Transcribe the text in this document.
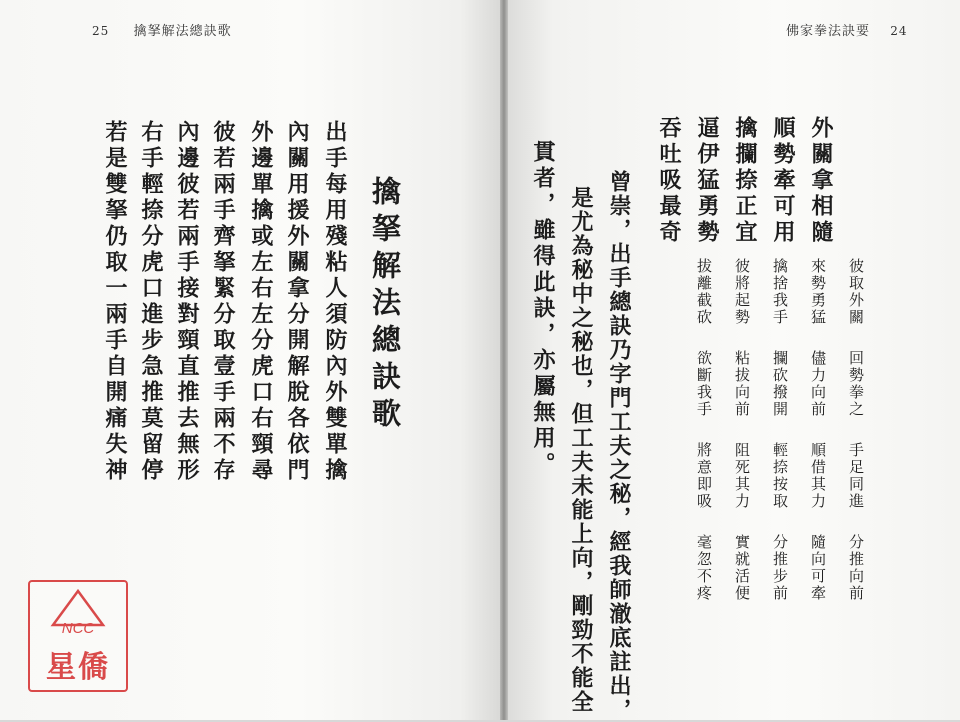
25 擒拏解法總訣歌
擒拏解法總訣歌
出手每用殘粘人
須防內外雙單擒
內關用援外關拿
分開解脫各依門
外邊單擒或左右
左分虎口右頸尋
彼若兩手齊拏緊
分取壹手兩不存
內邊彼若兩手接
對頸直推去無形
右手輕捺分虎口
進步急推莫留停
若是雙拏仍取一
兩手自開痛失神
NCC
星僑
佛家拳法訣要 24
外關拿相隨
彼取外關
回勢拳之
手足同進
分推向前
順勢牽可用
來勢勇猛
儘力向前
順借其力
隨向可牽
擒攔捺正宜
擒捨我手
攔砍撥開
輕捺按取
分推步前
逼伊猛勇勢
彼將起勢
粘拔向前
阻死其力
實就活便
吞吐吸最奇
拔離截砍
欲斷我手
將意即吸
毫忽不疼
曾崇，出手總訣乃字門工夫之秘，經我師澈底註出，
是尤為秘中之秘也，但工夫未能上向，剛勁不能全
貫者，雖得此訣，亦屬無用。
